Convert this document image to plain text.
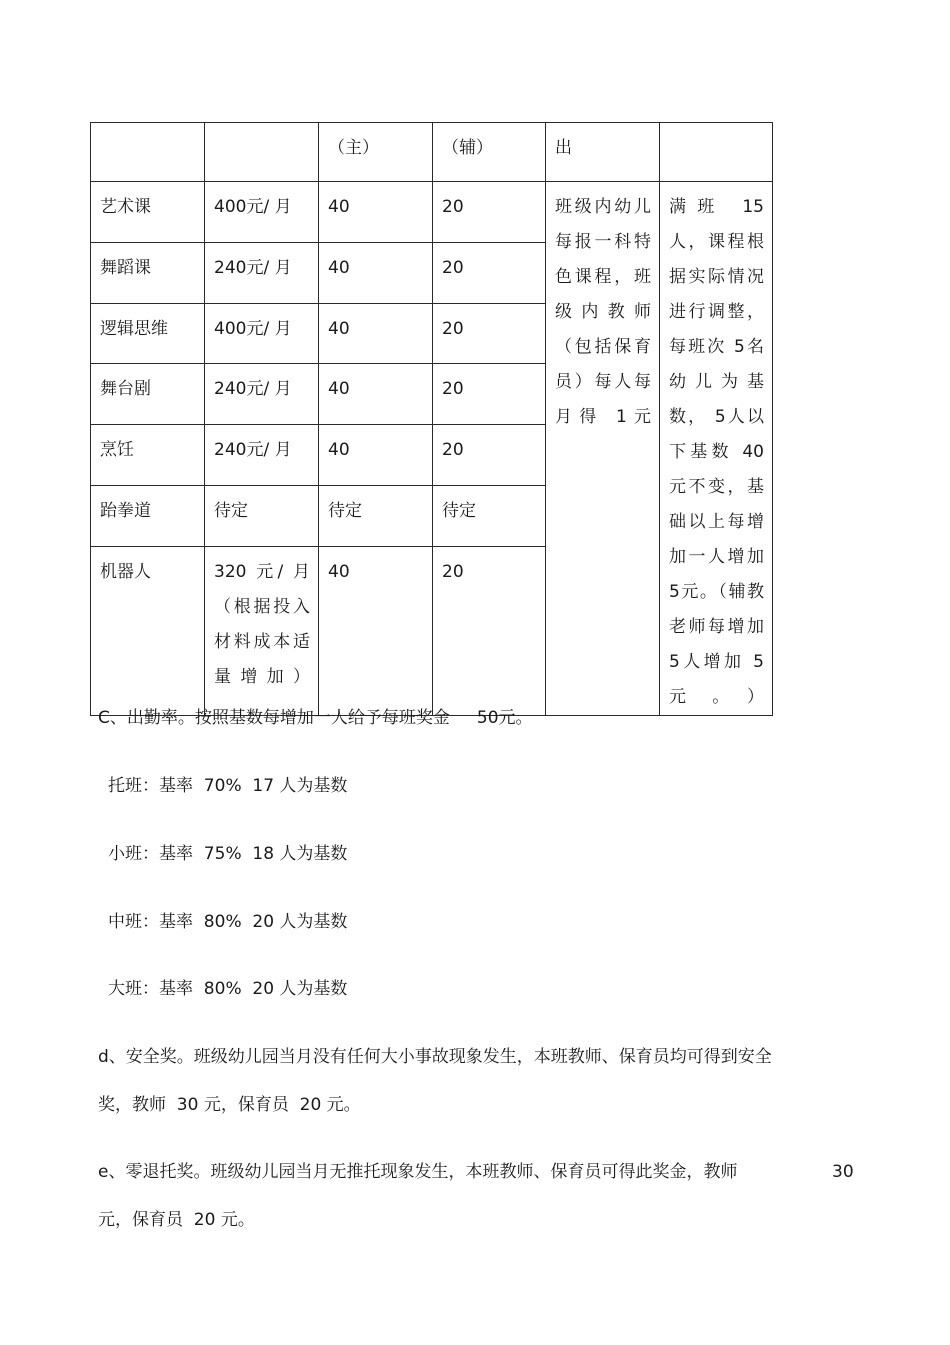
		（主）	（辅）	出	
艺术课	400元/ 月	40	20	班级内幼儿每报一科特色课程，班级内教师（包括保育员）每人每月得 1元	满班 15人，课程根据实际情况进行调整，每班次 5名幼儿为基数， 5人以下基数 40元不变，基础以上每增加一人增加 5元。（辅教老师每增加 5人增加 5元。）
舞蹈课	240元/ 月	40	20		
逻辑思维	400元/ 月	40	20		
舞台剧	240元/ 月	40	20		
烹饪	240元/ 月	40	20		
跆拳道	待定	待定	待定		
机器人	320 元/ 月（根据投入材料成本适量增加）	40	20		

C、出勤率。按照基数每增加一人给予每班奖金     50元。

托班：基率  70%  17 人为基数

小班：基率  75%  18 人为基数

中班：基率  80%  20 人为基数

大班：基率  80%  20 人为基数

d、安全奖。班级幼儿园当月没有任何大小事故现象发生，本班教师、保育员均可得到安全

奖，教师  30 元，保育员  20 元。

e、零退托奖。班级幼儿园当月无推托现象发生，本班教师、保育员可得此奖金，教师	30

元，保育员  20 元。
